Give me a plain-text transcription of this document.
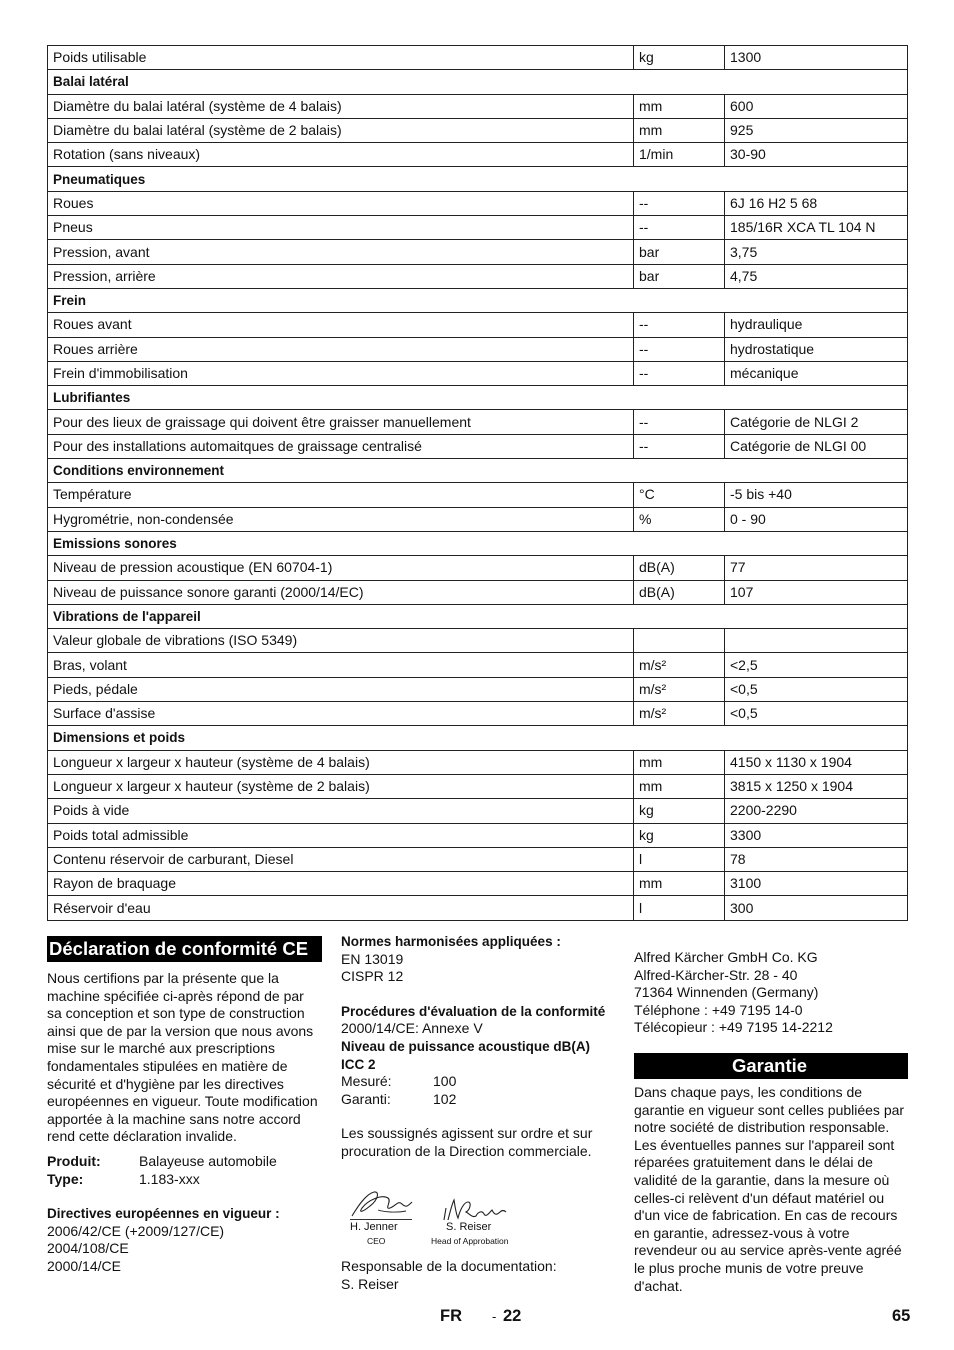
Poids utilisable	kg	1300
Balai latéral		
Diamètre du balai latéral (système de 4 balais)	mm	600
Diamètre du balai latéral (système de 2 balais)	mm	925
Rotation (sans niveaux)	1/min	30-90
Pneumatiques		
Roues	--	6J 16 H2 5 68
Pneus	--	185/16R XCA TL 104 N
Pression, avant	bar	3,75
Pression, arrière	bar	4,75
Frein		
Roues avant	--	hydraulique
Roues arrière	--	hydrostatique
Frein d'immobilisation	--	mécanique
Lubrifiantes		
Pour des lieux de graissage qui doivent être graisser manuellement	--	Catégorie de NLGI 2
Pour des installations automaitques de graissage centralisé	--	Catégorie de NLGI 00
Conditions environnement		
Température	°C	-5 bis +40
Hygrométrie, non-condensée	%	0 - 90
Emissions sonores		
Niveau de pression acoustique (EN 60704-1)	dB(A)	77
Niveau de puissance sonore garanti (2000/14/EC)	dB(A)	107
Vibrations de l'appareil		
Valeur globale de vibrations (ISO 5349)		
Bras, volant	m/s²	<2,5
Pieds, pédale	m/s²	<0,5
Surface d'assise	m/s²	<0,5
Dimensions et poids		
Longueur x largeur x hauteur (système de 4 balais)	mm	4150 x 1130 x 1904
Longueur x largeur x hauteur (système de 2 balais)	mm	3815 x 1250 x 1904
Poids à vide	kg	2200-2290
Poids total admissible	kg	3300
Contenu réservoir de carburant, Diesel	l	78
Rayon de braquage	mm	3100
Réservoir d'eau	l	300
Déclaration de conformité CE

Nous certifions par la présente que la machine spécifiée ci-après répond de par sa conception et son type de construction ainsi que de par la version que nous avons mise sur le marché aux prescriptions fondamentales stipulées en matière de sécurité et d'hygiène par les directives européennes en vigueur. Toute modification apportée à la machine sans notre accord rend cette déclaration invalide.

Produit:	Balayeuse automobile
Type:	1.183-xxx

Directives européennes en vigueur :

2006/42/CE (+2009/127/CE)

2004/108/CE

2000/14/CE

Normes harmonisées appliquées :

EN 13019

CISPR 12

Procédures d'évaluation de la conformité

2000/14/CE: Annexe V

Niveau de puissance acoustique dB(A) ICC 2

Mesuré:	100
Garanti:	102

Les soussignés agissent sur ordre et sur procuration de la Direction commerciale.

H. Jenner
CEO
S. Reiser
Head of Approbation

Responsable de la documentation:

S. Reiser

Alfred Kärcher GmbH Co. KG

Alfred-Kärcher-Str. 28 - 40

71364 Winnenden (Germany)

Téléphone : +49 7195 14-0

Télécopieur : +49 7195 14-2212

Garantie

Dans chaque pays, les conditions de garantie en vigueur sont celles publiées par notre société de distribution responsable. Les éventuelles pannes sur l'appareil sont réparées gratuitement dans le délai de validité de la garantie, dans la mesure où celles-ci relèvent d'un défaut matériel ou d'un vice de fabrication. En cas de recours en garantie, adressez-vous à votre revendeur ou au service après-vente agréé le plus proche munis de votre preuve d'achat.

FR - 22	65
